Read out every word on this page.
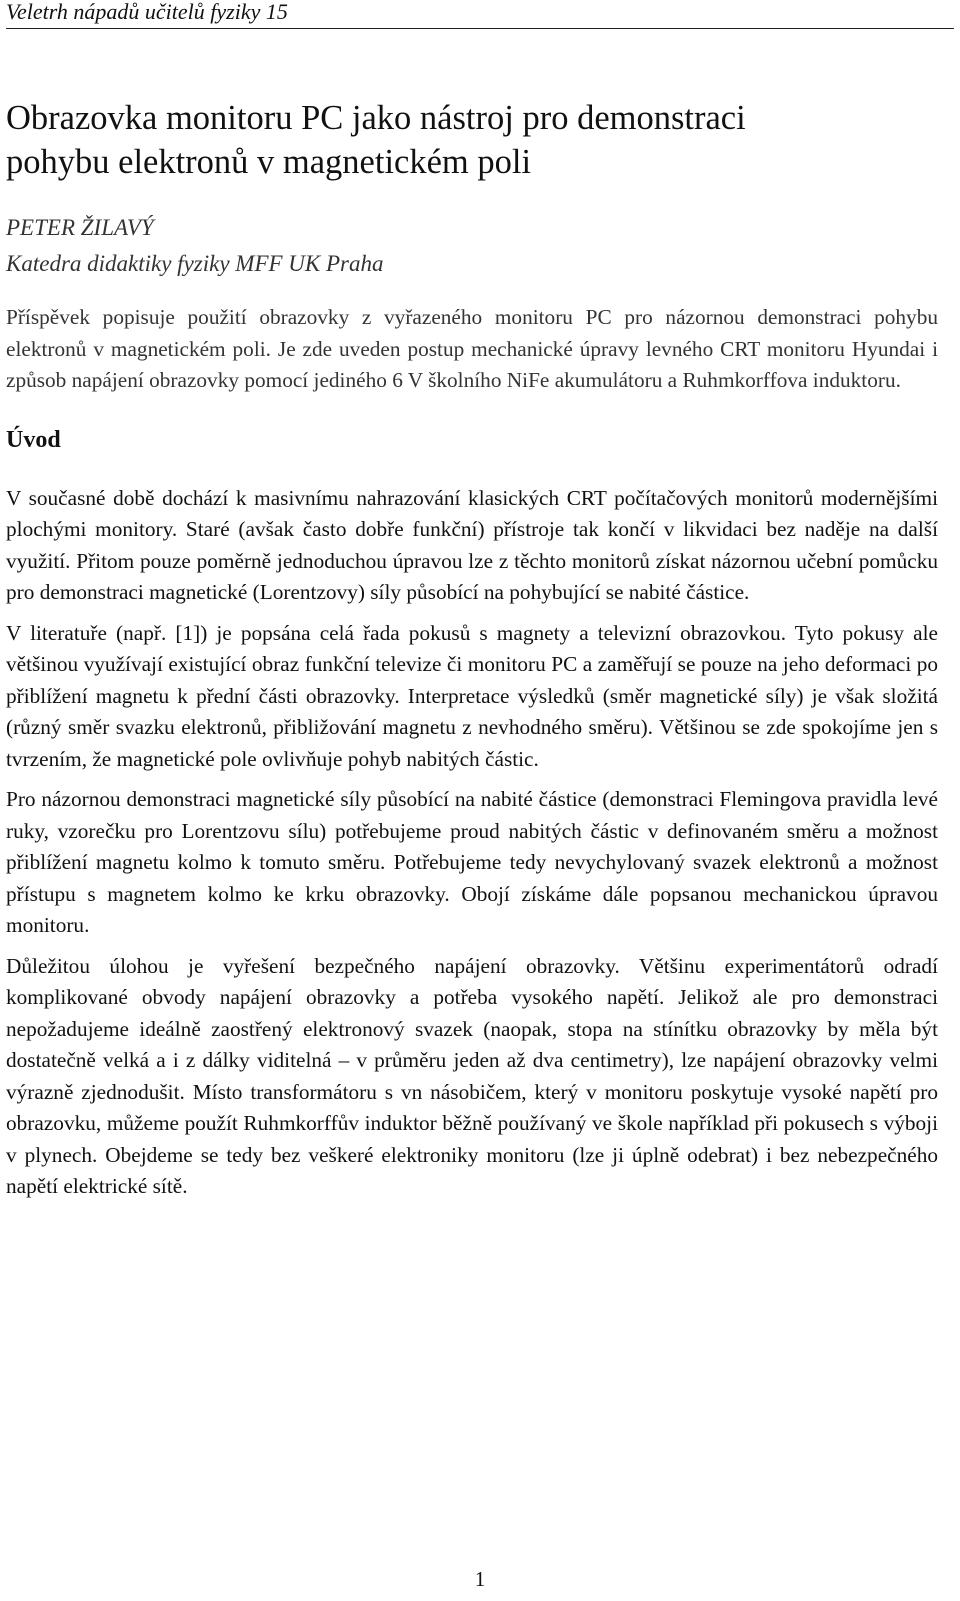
Veletrh nápadů učitelů fyziky 15
Obrazovka monitoru PC jako nástroj pro demonstraci
pohybu elektronů v magnetickém poli
PETER ŽILAVÝ
Katedra didaktiky fyziky MFF UK Praha

Příspěvek popisuje použití obrazovky z vyřazeného monitoru PC pro názornou demonstraci pohybu elektronů v magnetickém poli. Je zde uveden postup mechanické úpravy levného CRT monitoru Hyundai i způsob napájení obrazovky pomocí jediného 6 V školního NiFe akumulátoru a Ruhmkorffova induktoru.

Úvod

V současné době dochází k masivnímu nahrazování klasických CRT počítačových monitorů modernějšími plochými monitory. Staré (avšak často dobře funkční) přístroje tak končí v likvidaci bez naděje na další využití. Přitom pouze poměrně jednoduchou úpravou lze z těchto monitorů získat názornou učební pomůcku pro demonstraci magnetické (Lorentzovy) síly působící na pohybující se nabité částice.

V literatuře (např. [1]) je popsána celá řada pokusů s magnety a televizní obrazovkou. Tyto pokusy ale většinou využívají existující obraz funkční televize či monitoru PC a zaměřují se pouze na jeho deformaci po přiblížení magnetu k přední části obrazovky. Interpretace výsledků (směr magnetické síly) je však složitá (různý směr svazku elektronů, přibližování magnetu z nevhodného směru). Většinou se zde spokojíme jen s tvrzením, že magnetické pole ovlivňuje pohyb nabitých částic.

Pro názornou demonstraci magnetické síly působící na nabité částice (demonstraci Flemingova pravidla levé ruky, vzorečku pro Lorentzovu sílu) potřebujeme proud nabitých částic v definovaném směru a možnost přiblížení magnetu kolmo k tomuto směru. Potřebujeme tedy nevychylovaný svazek elektronů a možnost přístupu s magnetem kolmo ke krku obrazovky. Obojí získáme dále popsanou mechanickou úpravou monitoru.

Důležitou úlohou je vyřešení bezpečného napájení obrazovky. Většinu experimentátorů odradí komplikované obvody napájení obrazovky a potřeba vysokého napětí. Jelikož ale pro demonstraci nepožadujeme ideálně zaostřený elektronový svazek (naopak, stopa na stínítku obrazovky by měla být dostatečně velká a i z dálky viditelná – v průměru jeden až dva centimetry), lze napájení obrazovky velmi výrazně zjednodušit. Místo transformátoru s vn násobičem, který v monitoru poskytuje vysoké napětí pro obrazovku, můžeme použít Ruhmkorffův induktor běžně používaný ve škole například při pokusech s výboji v plynech. Obejdeme se tedy bez veškeré elektroniky monitoru (lze ji úplně odebrat) i bez nebezpečného napětí elektrické sítě.

1
